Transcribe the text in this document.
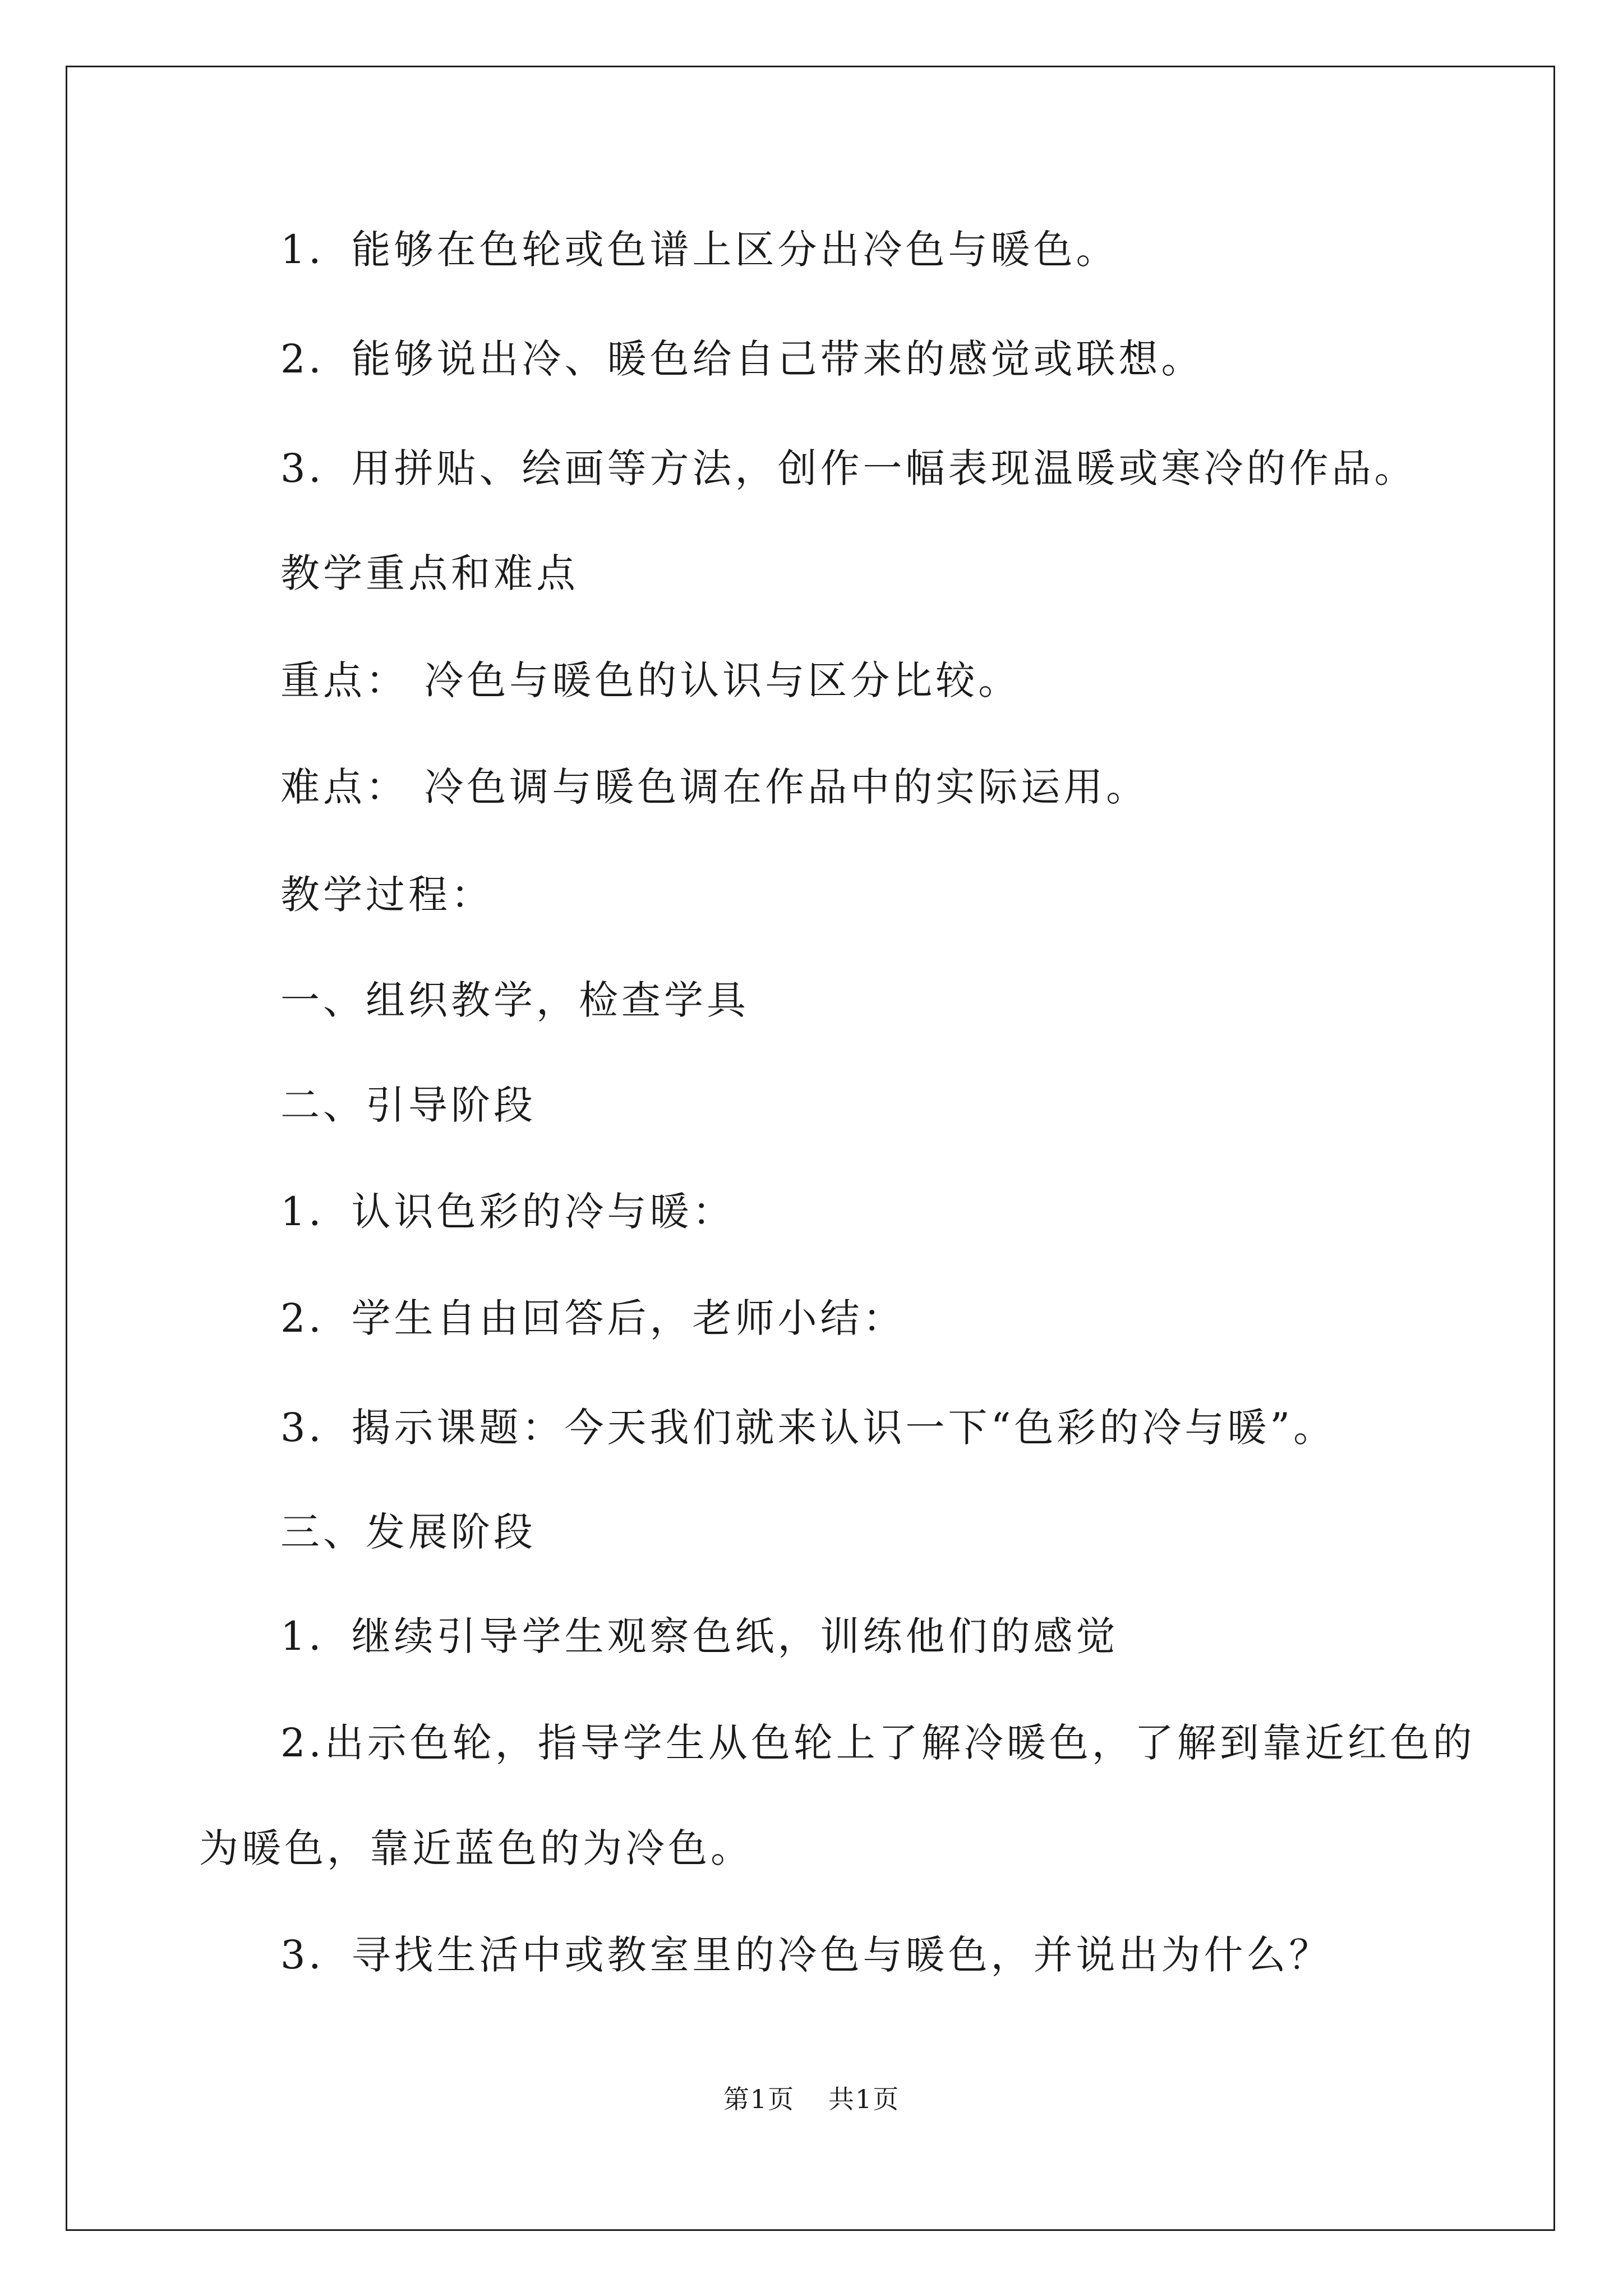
1．能够在色轮或色谱上区分出冷色与暖色。
2．能够说出冷、暖色给自己带来的感觉或联想。
3．用拼贴、绘画等方法，创作一幅表现温暖或寒冷的作品。
教学重点和难点
重点： 冷色与暖色的认识与区分比较。
难点： 冷色调与暖色调在作品中的实际运用。
教学过程：
一、组织教学，检查学具
二、引导阶段
1．认识色彩的冷与暖：
2．学生自由回答后，老师小结：
3．揭示课题：今天我们就来认识一下“色彩的冷与暖”。
三、发展阶段
1．继续引导学生观察色纸，训练他们的感觉
2.出示色轮，指导学生从色轮上了解冷暖色，了解到靠近红色的
为暖色，靠近蓝色的为冷色。
3．寻找生活中或教室里的冷色与暖色，并说出为什么？
第1页 共1页
